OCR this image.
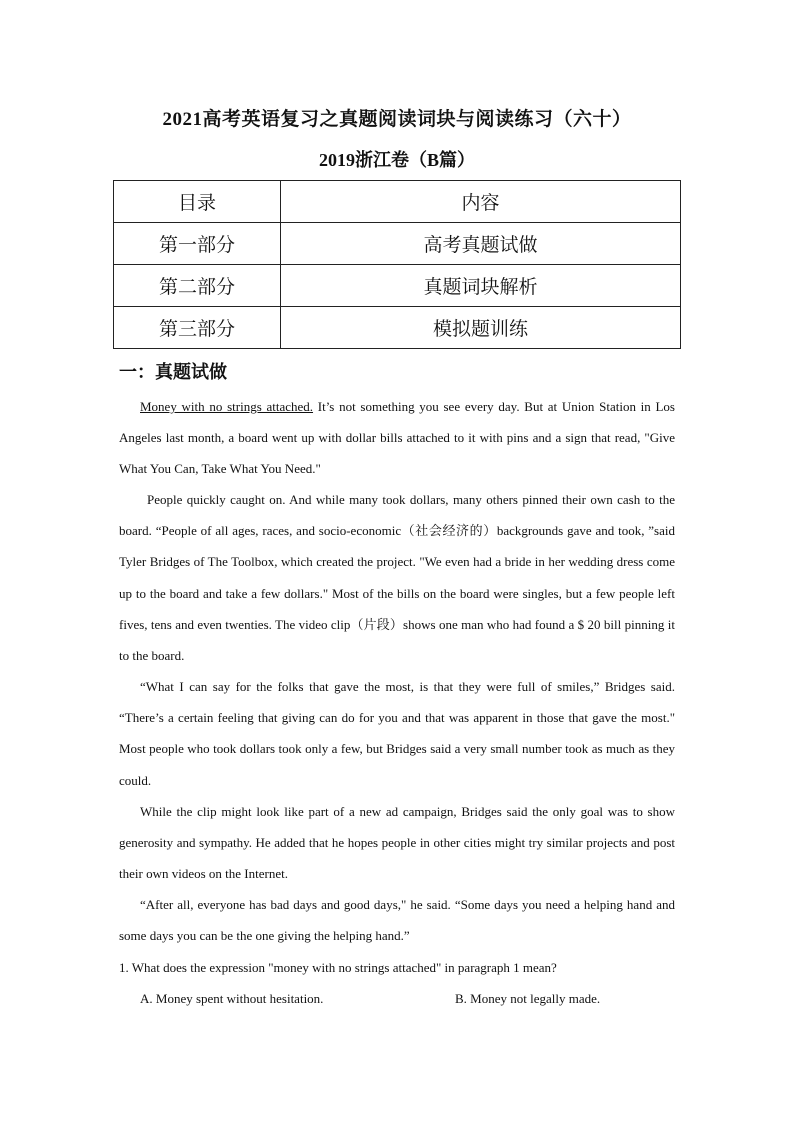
2021高考英语复习之真题阅读词块与阅读练习（六十）
2019浙江卷（B篇）
目录	内容
第一部分	高考真题试做
第二部分	真题词块解析
第三部分	模拟题训练
一：真题试做
Money with no strings attached. It’s not something you see every day. But at Union Station in Los Angeles last month, a board went up with dollar bills attached to it with pins and a sign that read, "Give What You Can, Take What You Need."
People quickly caught on. And while many took dollars, many others pinned their own cash to the board. “People of all ages, races, and socio-economic（社会经济的）backgrounds gave and took, ”said Tyler Bridges of The Toolbox, which created the project. "We even had a bride in her wedding dress come up to the board and take a few dollars." Most of the bills on the board were singles, but a few people left fives, tens and even twenties. The video clip（片段）shows one man who had found a $ 20 bill pinning it to the board.
“What I can say for the folks that gave the most, is that they were full of smiles,” Bridges said. “There’s a certain feeling that giving can do for you and that was apparent in those that gave the most." Most people who took dollars took only a few, but Bridges said a very small number took as much as they could.
While the clip might look like part of a new ad campaign, Bridges said the only goal was to show generosity and sympathy. He added that he hopes people in other cities might try similar projects and post their own videos on the Internet.
“After all, everyone has bad days and good days," he said. “Some days you need a helping hand and some days you can be the one giving the helping hand.”
1. What does the expression "money with no strings attached" in paragraph 1 mean?
A. Money spent without hesitation.	B. Money not legally made.
